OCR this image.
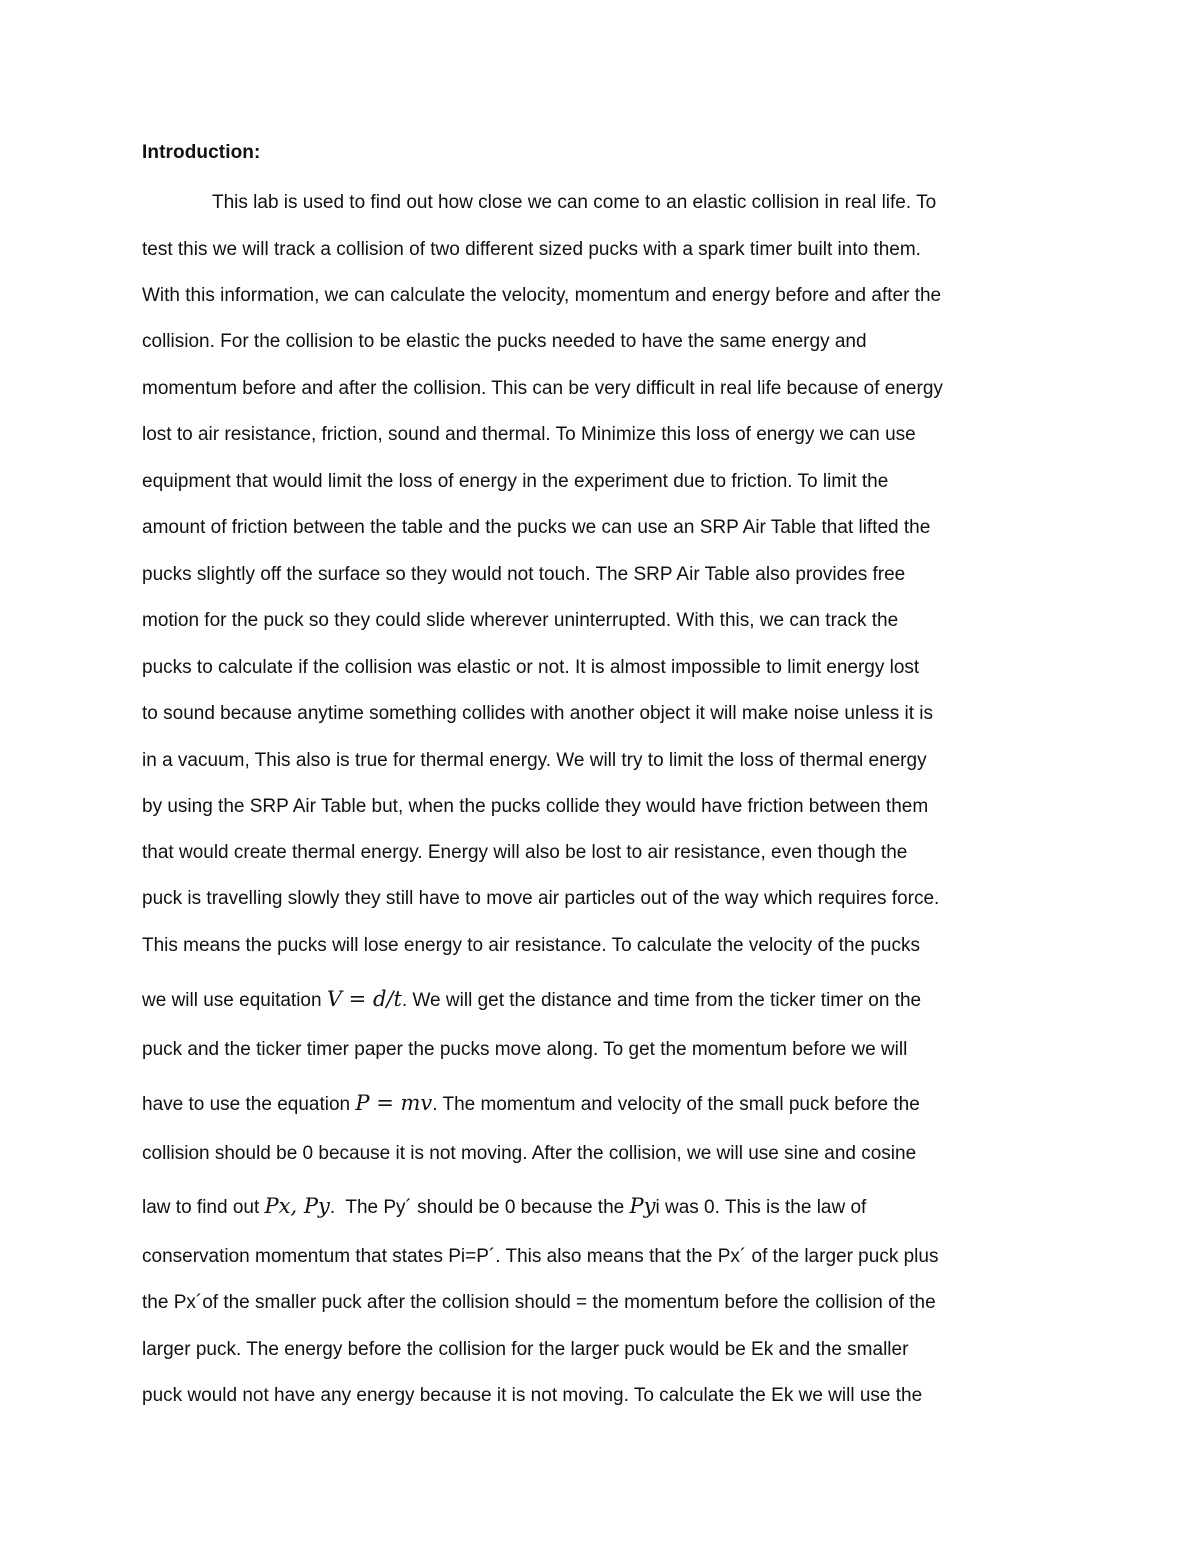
Introduction:
This lab is used to find out how close we can come to an elastic collision in real life. To
test this we will track a collision of two different sized pucks with a spark timer built into them.
With this information, we can calculate the velocity, momentum and energy before and after the
collision. For the collision to be elastic the pucks needed to have the same energy and
momentum before and after the collision. This can be very difficult in real life because of energy
lost to air resistance, friction, sound and thermal. To Minimize this loss of energy we can use
equipment that would limit the loss of energy in the experiment due to friction. To limit the
amount of friction between the table and the pucks we can use an SRP Air Table that lifted the
pucks slightly off the surface so they would not touch. The SRP Air Table also provides free
motion for the puck so they could slide wherever uninterrupted. With this, we can track the
pucks to calculate if the collision was elastic or not. It is almost impossible to limit energy lost
to sound because anytime something collides with another object it will make noise unless it is
in a vacuum, This also is true for thermal energy. We will try to limit the loss of thermal energy
by using the SRP Air Table but, when the pucks collide they would have friction between them
that would create thermal energy. Energy will also be lost to air resistance, even though the
puck is travelling slowly they still have to move air particles out of the way which requires force.
This means the pucks will lose energy to air resistance. To calculate the velocity of the pucks
we will use equitation V = d/t. We will get the distance and time from the ticker timer on the
puck and the ticker timer paper the pucks move along. To get the momentum before we will
have to use the equation P = mv. The momentum and velocity of the small puck before the
collision should be 0 because it is not moving. After the collision, we will use sine and cosine
law to find out Px, Py.  The Py´ should be 0 because the Pyi was 0. This is the law of
conservation momentum that states Pi=P´. This also means that the Px´ of the larger puck plus
the Px´of the smaller puck after the collision should = the momentum before the collision of the
larger puck. The energy before the collision for the larger puck would be Ek and the smaller
puck would not have any energy because it is not moving. To calculate the Ek we will use the
